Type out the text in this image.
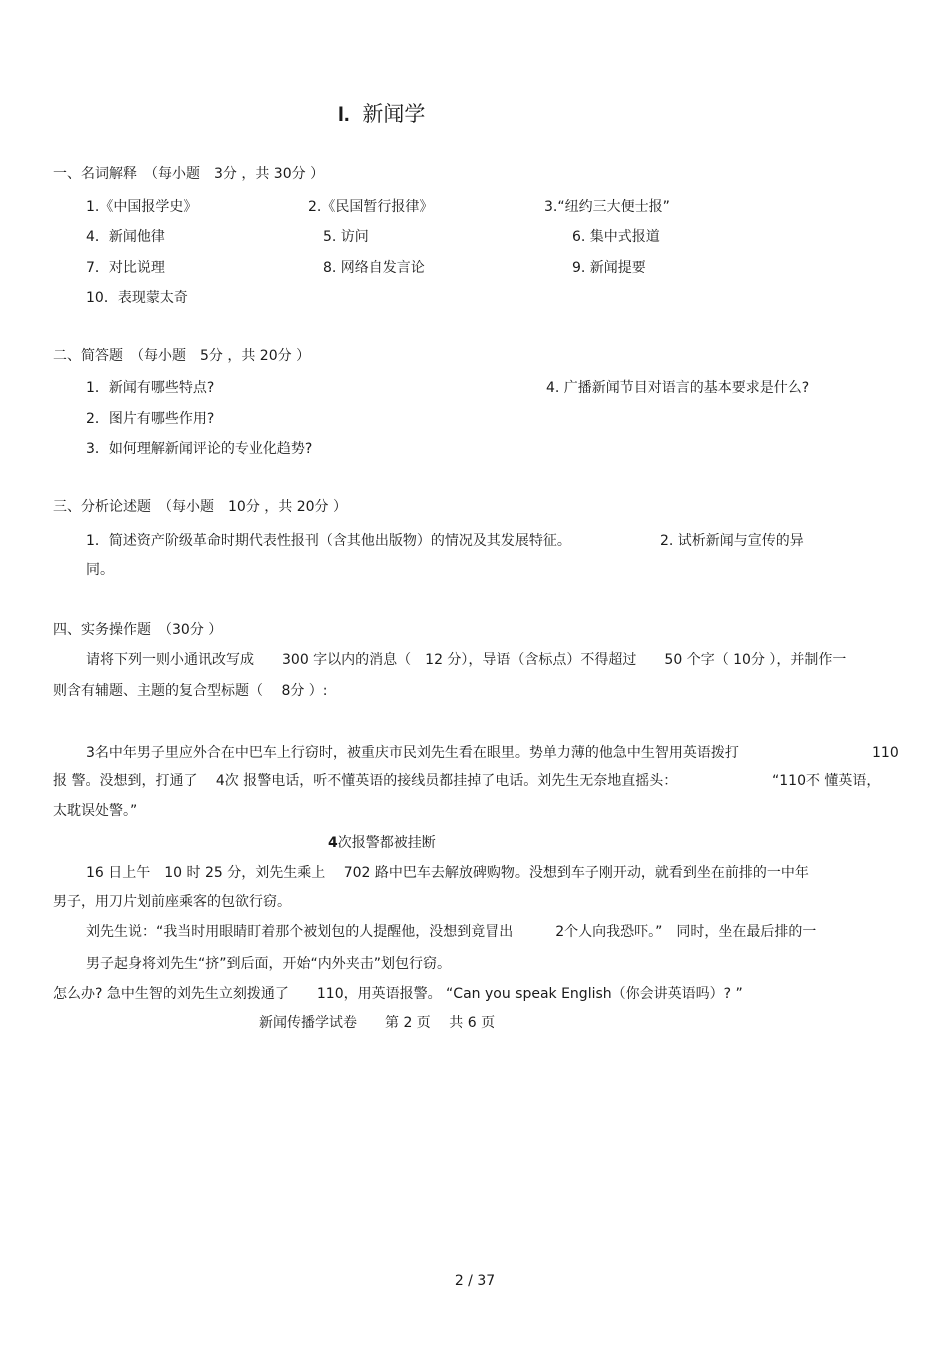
I. 新闻学
一、名词解释　（每小题　3分 ，共 30分 ）
1.《中国报学史》	2.《民国暂行报律》	3.“纽约三大便士报”
4．新闻他律	5. 访问	6. 集中式报道
7．对比说理	8. 网络自发言论	9. 新闻提要
10．表现蒙太奇
二、简答题　（每小题　5分 ，共 20分 ）
1．新闻有哪些特点?	4. 广播新闻节目对语言的基本要求是什么?
2．图片有哪些作用?
3．如何理解新闻评论的专业化趋势?
三、分析论述题　（每小题　10分 ，共 20分 ）
1．简述资产阶级革命时期代表性报刊（含其他出版物）的情况及其发展特征。	2. 试析新闻与宣传的异
同。
四、实务操作题　（30分 ）
请将下列一则小通讯改写成　　300 字以内的消息（　12 分），导语（含标点）不得超过　　50 个字（ 10分 ），并制作一
则含有辅题、主题的复合型标题（　 8分 ）:
3名中年男子里应外合在中巴车上行窃时，被重庆市民刘先生看在眼里。势单力薄的他急中生智用英语拨打	110
报 警。没想到，打通了　 4次 报警电话，听不懂英语的接线员都挂掉了电话。刘先生无奈地直摇头：	“110不 懂英语，
太耽误处警。”
4次报警都被挂断
16 日上午　10 时 25 分，刘先生乘上　 702 路中巴车去解放碑购物。没想到车子刚开动，就看到坐在前排的一中年
男子，用刀片划前座乘客的包欲行窃。
刘先生说：“我当时用眼睛盯着那个被划包的人提醒他，没想到竟冒出　　　2个人向我恐吓。”　同时，坐在最后排的一
男子起身将刘先生“挤”到后面，开始“内外夹击”划包行窃。
怎么办? 急中生智的刘先生立刻拨通了　　110，用英语报警。 “Can you speak English（你会讲英语吗）? ”
新闻传播学试卷　　第 2 页　 共 6 页
2 / 37
